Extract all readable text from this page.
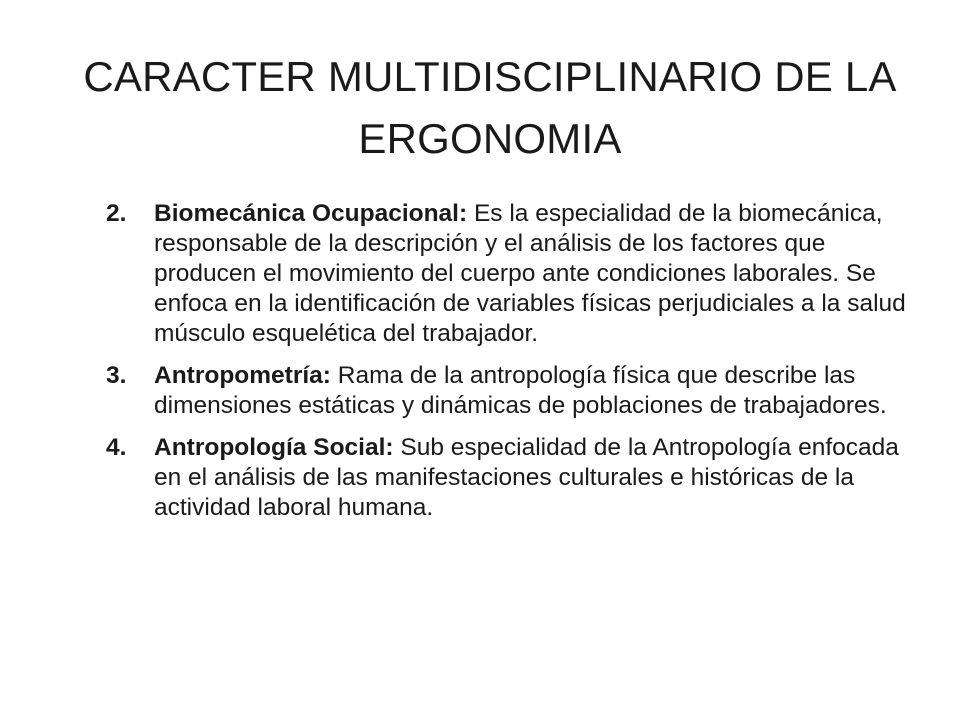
CARACTER MULTIDISCIPLINARIO DE LA ERGONOMIA
2.	Biomecánica Ocupacional: Es la especialidad de la biomecánica, responsable de la descripción y el análisis de los factores que producen el movimiento del cuerpo ante condiciones laborales. Se enfoca en la identificación de variables físicas perjudiciales a la salud músculo esquelética del trabajador.
3.	Antropometría: Rama de la antropología física que describe las dimensiones estáticas y dinámicas de poblaciones de trabajadores.
4.	Antropología Social: Sub especialidad de la Antropología enfocada en el análisis de las manifestaciones culturales e históricas de la actividad laboral humana.
